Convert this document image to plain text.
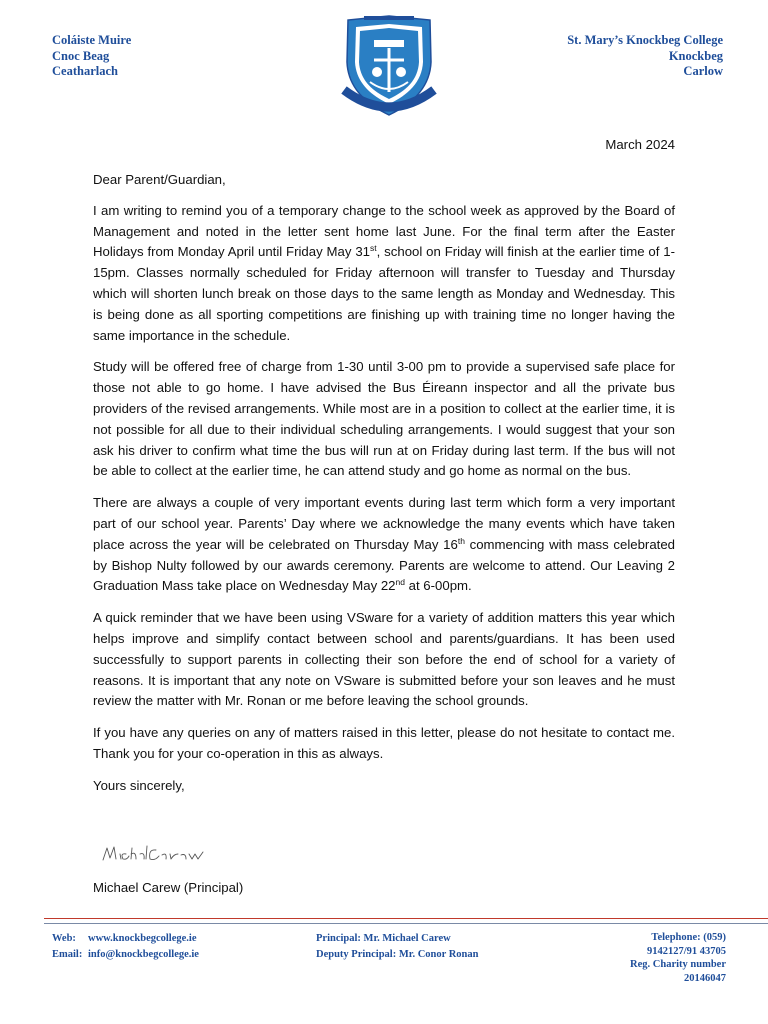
Coláiste Muire
Cnoc Beag
Ceatharlach
St. Mary’s Knockbeg College
Knockbeg
Carlow
March 2024

Dear Parent/Guardian,

I am writing to remind you of a temporary change to the school week as approved by the Board of Management and noted in the letter sent home last June. For the final term after the Easter Holidays from Monday April until Friday May 31st, school on Friday will finish at the earlier time of 1-15pm. Classes normally scheduled for Friday afternoon will transfer to Tuesday and Thursday which will shorten lunch break on those days to the same length as Monday and Wednesday. This is being done as all sporting competitions are finishing up with training time no longer having the same importance in the schedule.

Study will be offered free of charge from 1-30 until 3-00 pm to provide a supervised safe place for those not able to go home. I have advised the Bus Éireann inspector and all the private bus providers of the revised arrangements. While most are in a position to collect at the earlier time, it is not possible for all due to their individual scheduling arrangements. I would suggest that your son ask his driver to confirm what time the bus will run at on Friday during last term. If the bus will not be able to collect at the earlier time, he can attend study and go home as normal on the bus.

There are always a couple of very important events during last term which form a very important part of our school year. Parents’ Day where we acknowledge the many events which have taken place across the year will be celebrated on Thursday May 16th commencing with mass celebrated by Bishop Nulty followed by our awards ceremony. Parents are welcome to attend. Our Leaving 2 Graduation Mass take place on Wednesday May 22nd at 6-00pm.

A quick reminder that we have been using VSware for a variety of addition matters this year which helps improve and simplify contact between school and parents/guardians. It has been used successfully to support parents in collecting their son before the end of school for a variety of reasons. It is important that any note on VSware is submitted before your son leaves and he must review the matter with Mr. Ronan or me before leaving the school grounds.

If you have any queries on any of matters raised in this letter, please do not hesitate to contact me. Thank you for your co-operation in this as always.

Yours sincerely,

Michael Carew (Principal)
Web: www.knockbegcollege.ie
Email: info@knockbegcollege.ie
Principal: Mr. Michael Carew
Deputy Principal: Mr. Conor Ronan
Telephone: (059)
9142127/91 43705
Reg. Charity number
20146047
